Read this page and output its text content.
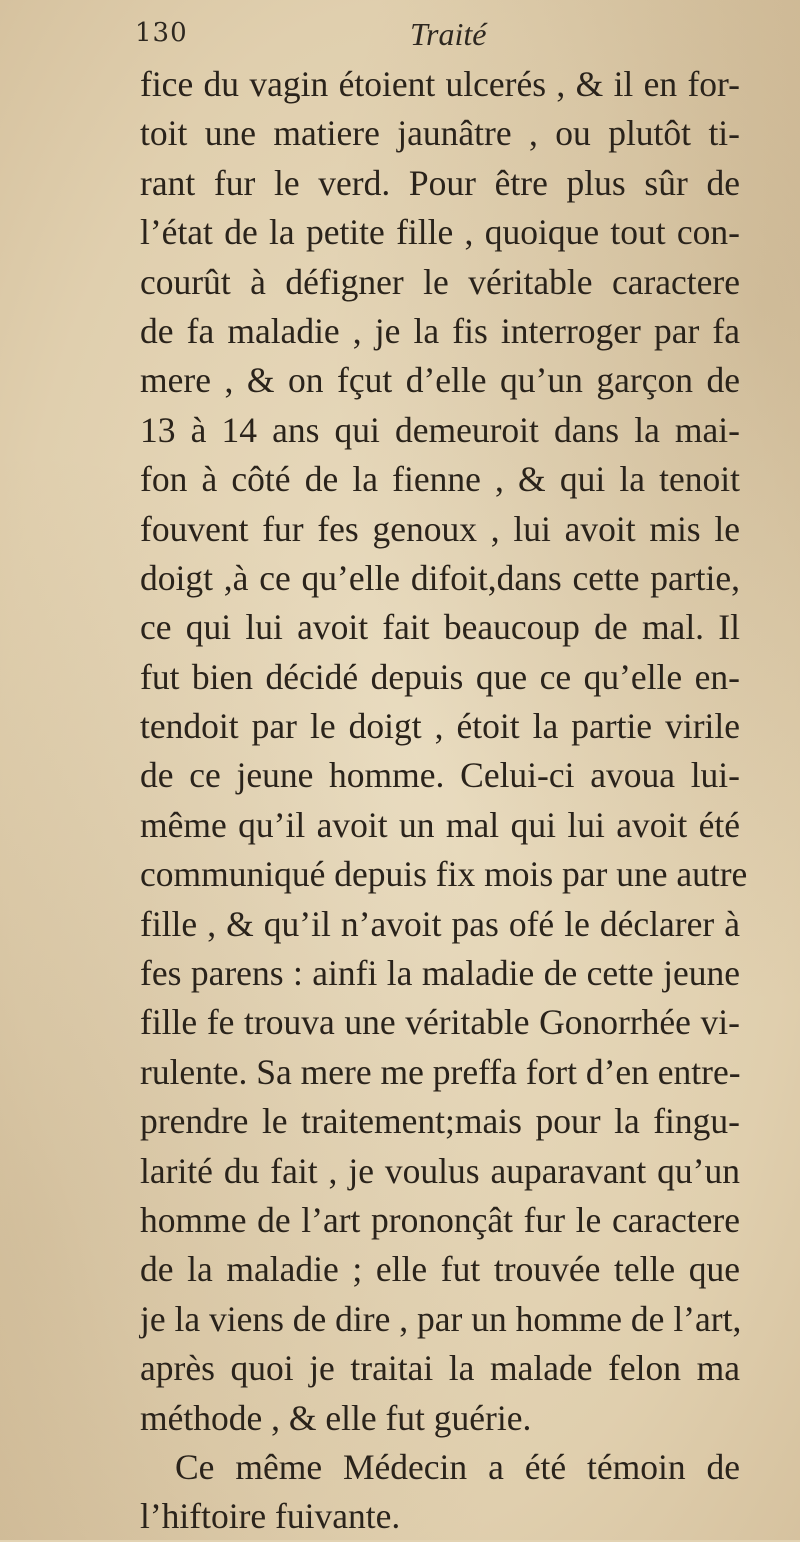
130	Traité
fice du vagin étoient ulcerés , & il en for-
toit une matiere jaunâtre , ou plutôt ti-
rant fur le verd. Pour être plus sûr de
l’état de la petite fille , quoique tout con-
courût à défigner le véritable caractere
de fa maladie , je la fis interroger par fa
mere , & on fçut d’elle qu’un garçon de
13 à 14 ans qui demeuroit dans la mai-
fon à côté de la fienne , & qui la tenoit
fouvent fur fes genoux , lui avoit mis le
doigt ,à ce qu’elle difoit,dans cette partie,
ce qui lui avoit fait beaucoup de mal. Il
fut bien décidé depuis que ce qu’elle en-
tendoit par le doigt , étoit la partie virile
de ce jeune homme. Celui-ci avoua lui-
même qu’il avoit un mal qui lui avoit été
communiqué depuis fix mois par une autre
fille , & qu’il n’avoit pas ofé le déclarer à
fes parens : ainfi la maladie de cette jeune
fille fe trouva une véritable Gonorrhée vi-
rulente. Sa mere me preffa fort d’en entre-
prendre le traitement;mais pour la fingu-
larité du fait , je voulus auparavant qu’un
homme de l’art prononçât fur le caractere
de la maladie ; elle fut trouvée telle que
je la viens de dire , par un homme de l’art,
après quoi je traitai la malade felon ma
méthode , & elle fut guérie.
Ce même Médecin a été témoin de
l’hiftoire fuivante.
